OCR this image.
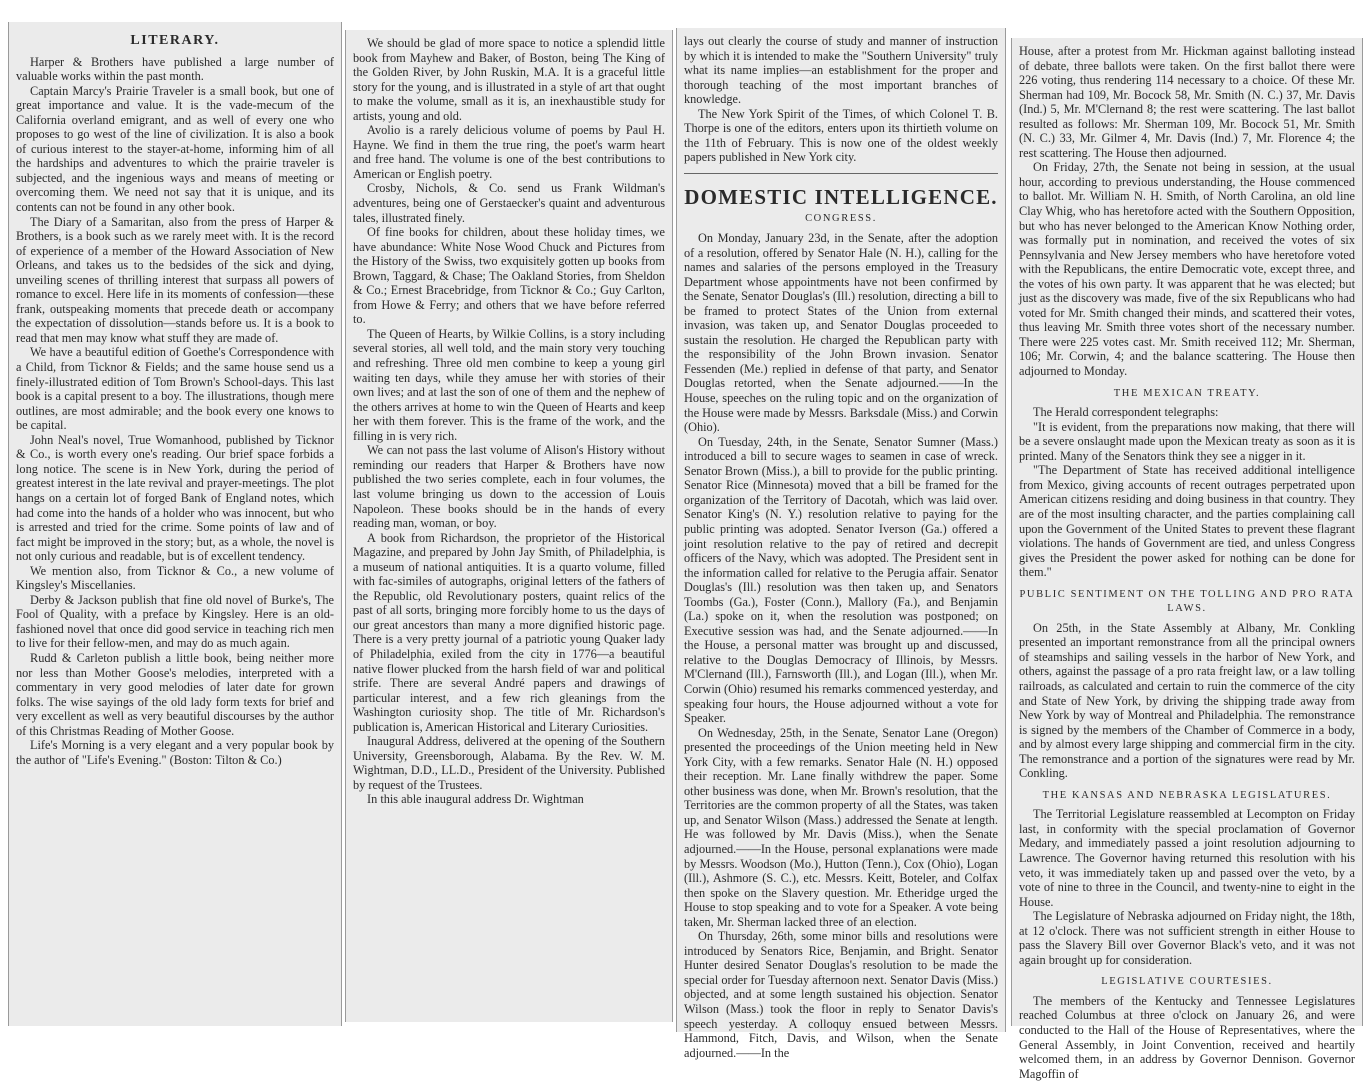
LITERARY.

Harper & Brothers have published a large number of valuable works within the past month.

Captain Marcy's Prairie Traveler is a small book, but one of great importance and value. It is the vade-mecum of the California overland emigrant, and as well of every one who proposes to go west of the line of civilization. It is also a book of curious interest to the stayer-at-home, informing him of all the hardships and adventures to which the prairie traveler is subjected, and the ingenious ways and means of meeting or overcoming them. We need not say that it is unique, and its contents can not be found in any other book.

The Diary of a Samaritan, also from the press of Harper & Brothers, is a book such as we rarely meet with. It is the record of experience of a member of the Howard Association of New Orleans, and takes us to the bedsides of the sick and dying, unveiling scenes of thrilling interest that surpass all powers of romance to excel. Here life in its moments of confession—these frank, outspeaking moments that precede death or accompany the expectation of dissolution—stands before us. It is a book to read that men may know what stuff they are made of.

We have a beautiful edition of Goethe's Correspondence with a Child, from Ticknor & Fields; and the same house send us a finely-illustrated edition of Tom Brown's School-days. This last book is a capital present to a boy. The illustrations, though mere outlines, are most admirable; and the book every one knows to be capital.

John Neal's novel, True Womanhood, published by Ticknor & Co., is worth every one's reading. Our brief space forbids a long notice. The scene is in New York, during the period of greatest interest in the late revival and prayer-meetings. The plot hangs on a certain lot of forged Bank of England notes, which had come into the hands of a holder who was innocent, but who is arrested and tried for the crime. Some points of law and of fact might be improved in the story; but, as a whole, the novel is not only curious and readable, but is of excellent tendency.

We mention also, from Ticknor & Co., a new volume of Kingsley's Miscellanies.

Derby & Jackson publish that fine old novel of Burke's, The Fool of Quality, with a preface by Kingsley. Here is an old-fashioned novel that once did good service in teaching rich men to live for their fellow-men, and may do as much again.

Rudd & Carleton publish a little book, being neither more nor less than Mother Goose's melodies, interpreted with a commentary in very good melodies of later date for grown folks. The wise sayings of the old lady form texts for brief and very excellent as well as very beautiful discourses by the author of this Christmas Reading of Mother Goose.

Life's Morning is a very elegant and a very popular book by the author of "Life's Evening." (Boston: Tilton & Co.)

We should be glad of more space to notice a splendid little book from Mayhew and Baker, of Boston, being The King of the Golden River, by John Ruskin, M.A. It is a graceful little story for the young, and is illustrated in a style of art that ought to make the volume, small as it is, an inexhaustible study for artists, young and old.

Avolio is a rarely delicious volume of poems by Paul H. Hayne. We find in them the true ring, the poet's warm heart and free hand. The volume is one of the best contributions to American or English poetry.

Crosby, Nichols, & Co. send us Frank Wildman's adventures, being one of Gerstaecker's quaint and adventurous tales, illustrated finely.

Of fine books for children, about these holiday times, we have abundance: White Nose Wood Chuck and Pictures from the History of the Swiss, two exquisitely gotten up books from Brown, Taggard, & Chase; The Oakland Stories, from Sheldon & Co.; Ernest Bracebridge, from Ticknor & Co.; Guy Carlton, from Howe & Ferry; and others that we have before referred to.

The Queen of Hearts, by Wilkie Collins, is a story including several stories, all well told, and the main story very touching and refreshing. Three old men combine to keep a young girl waiting ten days, while they amuse her with stories of their own lives; and at last the son of one of them and the nephew of the others arrives at home to win the Queen of Hearts and keep her with them forever. This is the frame of the work, and the filling in is very rich.

We can not pass the last volume of Alison's History without reminding our readers that Harper & Brothers have now published the two series complete, each in four volumes, the last volume bringing us down to the accession of Louis Napoleon. These books should be in the hands of every reading man, woman, or boy.

A book from Richardson, the proprietor of the Historical Magazine, and prepared by John Jay Smith, of Philadelphia, is a museum of national antiquities. It is a quarto volume, filled with fac-similes of autographs, original letters of the fathers of the Republic, old Revolutionary posters, quaint relics of the past of all sorts, bringing more forcibly home to us the days of our great ancestors than many a more dignified historic page. There is a very pretty journal of a patriotic young Quaker lady of Philadelphia, exiled from the city in 1776—a beautiful native flower plucked from the harsh field of war and political strife. There are several André papers and drawings of particular interest, and a few rich gleanings from the Washington curiosity shop. The title of Mr. Richardson's publication is, American Historical and Literary Curiosities.

Inaugural Address, delivered at the opening of the Southern University, Greensborough, Alabama. By the Rev. W. M. Wightman, D.D., LL.D., President of the University. Published by request of the Trustees.

In this able inaugural address Dr. Wightman

lays out clearly the course of study and manner of instruction by which it is intended to make the "Southern University" truly what its name implies—an establishment for the proper and thorough teaching of the most important branches of knowledge.

The New York Spirit of the Times, of which Colonel T. B. Thorpe is one of the editors, enters upon its thirtieth volume on the 11th of February. This is now one of the oldest weekly papers published in New York city.

DOMESTIC INTELLIGENCE.
CONGRESS.

On Monday, January 23d, in the Senate, after the adoption of a resolution, offered by Senator Hale (N. H.), calling for the names and salaries of the persons employed in the Treasury Department whose appointments have not been confirmed by the Senate, Senator Douglas's (Ill.) resolution, directing a bill to be framed to protect States of the Union from external invasion, was taken up, and Senator Douglas proceeded to sustain the resolution. He charged the Republican party with the responsibility of the John Brown invasion. Senator Fessenden (Me.) replied in defense of that party, and Senator Douglas retorted, when the Senate adjourned.——In the House, speeches on the ruling topic and on the organization of the House were made by Messrs. Barksdale (Miss.) and Corwin (Ohio).

On Tuesday, 24th, in the Senate, Senator Sumner (Mass.) introduced a bill to secure wages to seamen in case of wreck. Senator Brown (Miss.), a bill to provide for the public printing. Senator Rice (Minnesota) moved that a bill be framed for the organization of the Territory of Dacotah, which was laid over. Senator King's (N. Y.) resolution relative to paying for the public printing was adopted. Senator Iverson (Ga.) offered a joint resolution relative to the pay of retired and decrepit officers of the Navy, which was adopted. The President sent in the information called for relative to the Perugia affair. Senator Douglas's (Ill.) resolution was then taken up, and Senators Toombs (Ga.), Foster (Conn.), Mallory (Fa.), and Benjamin (La.) spoke on it, when the resolution was postponed; on Executive session was had, and the Senate adjourned.——In the House, a personal matter was brought up and discussed, relative to the Douglas Democracy of Illinois, by Messrs. M'Clernand (Ill.), Farnsworth (Ill.), and Logan (Ill.), when Mr. Corwin (Ohio) resumed his remarks commenced yesterday, and speaking four hours, the House adjourned without a vote for Speaker.

On Wednesday, 25th, in the Senate, Senator Lane (Oregon) presented the proceedings of the Union meeting held in New York City, with a few remarks. Senator Hale (N. H.) opposed their reception. Mr. Lane finally withdrew the paper. Some other business was done, when Mr. Brown's resolution, that the Territories are the common property of all the States, was taken up, and Senator Wilson (Mass.) addressed the Senate at length. He was followed by Mr. Davis (Miss.), when the Senate adjourned.——In the House, personal explanations were made by Messrs. Woodson (Mo.), Hutton (Tenn.), Cox (Ohio), Logan (Ill.), Ashmore (S. C.), etc. Messrs. Keitt, Boteler, and Colfax then spoke on the Slavery question. Mr. Etheridge urged the House to stop speaking and to vote for a Speaker. A vote being taken, Mr. Sherman lacked three of an election.

On Thursday, 26th, some minor bills and resolutions were introduced by Senators Rice, Benjamin, and Bright. Senator Hunter desired Senator Douglas's resolution to be made the special order for Tuesday afternoon next. Senator Davis (Miss.) objected, and at some length sustained his objection. Senator Wilson (Mass.) took the floor in reply to Senator Davis's speech yesterday. A colloquy ensued between Messrs. Hammond, Fitch, Davis, and Wilson, when the Senate adjourned.——In the

House, after a protest from Mr. Hickman against balloting instead of debate, three ballots were taken. On the first ballot there were 226 voting, thus rendering 114 necessary to a choice. Of these Mr. Sherman had 109, Mr. Bocock 58, Mr. Smith (N. C.) 37, Mr. Davis (Ind.) 5, Mr. M'Clernand 8; the rest were scattering. The last ballot resulted as follows: Mr. Sherman 109, Mr. Bocock 51, Mr. Smith (N. C.) 33, Mr. Gilmer 4, Mr. Davis (Ind.) 7, Mr. Florence 4; the rest scattering. The House then adjourned.

On Friday, 27th, the Senate not being in session, at the usual hour, according to previous understanding, the House commenced to ballot. Mr. William N. H. Smith, of North Carolina, an old line Clay Whig, who has heretofore acted with the Southern Opposition, but who has never belonged to the American Know Nothing order, was formally put in nomination, and received the votes of six Pennsylvania and New Jersey members who have heretofore voted with the Republicans, the entire Democratic vote, except three, and the votes of his own party. It was apparent that he was elected; but just as the discovery was made, five of the six Republicans who had voted for Mr. Smith changed their minds, and scattered their votes, thus leaving Mr. Smith three votes short of the necessary number. There were 225 votes cast. Mr. Smith received 112; Mr. Sherman, 106; Mr. Corwin, 4; and the balance scattering. The House then adjourned to Monday.

THE MEXICAN TREATY.

The Herald correspondent telegraphs:

"It is evident, from the preparations now making, that there will be a severe onslaught made upon the Mexican treaty as soon as it is printed. Many of the Senators think they see a nigger in it.

"The Department of State has received additional intelligence from Mexico, giving accounts of recent outrages perpetrated upon American citizens residing and doing business in that country. They are of the most insulting character, and the parties complaining call upon the Government of the United States to prevent these flagrant violations. The hands of Government are tied, and unless Congress gives the President the power asked for nothing can be done for them."

PUBLIC SENTIMENT ON THE TOLLING AND PRO RATA LAWS.

On 25th, in the State Assembly at Albany, Mr. Conkling presented an important remonstrance from all the principal owners of steamships and sailing vessels in the harbor of New York, and others, against the passage of a pro rata freight law, or a law tolling railroads, as calculated and certain to ruin the commerce of the city and State of New York, by driving the shipping trade away from New York by way of Montreal and Philadelphia. The remonstrance is signed by the members of the Chamber of Commerce in a body, and by almost every large shipping and commercial firm in the city. The remonstrance and a portion of the signatures were read by Mr. Conkling.

THE KANSAS AND NEBRASKA LEGISLATURES.

The Territorial Legislature reassembled at Lecompton on Friday last, in conformity with the special proclamation of Governor Medary, and immediately passed a joint resolution adjourning to Lawrence. The Governor having returned this resolution with his veto, it was immediately taken up and passed over the veto, by a vote of nine to three in the Council, and twenty-nine to eight in the House.

The Legislature of Nebraska adjourned on Friday night, the 18th, at 12 o'clock. There was not sufficient strength in either House to pass the Slavery Bill over Governor Black's veto, and it was not again brought up for consideration.

LEGISLATIVE COURTESIES.

The members of the Kentucky and Tennessee Legislatures reached Columbus at three o'clock on January 26, and were conducted to the Hall of the House of Representatives, where the General Assembly, in Joint Convention, received and heartily welcomed them, in an address by Governor Dennison. Governor Magoffin of
